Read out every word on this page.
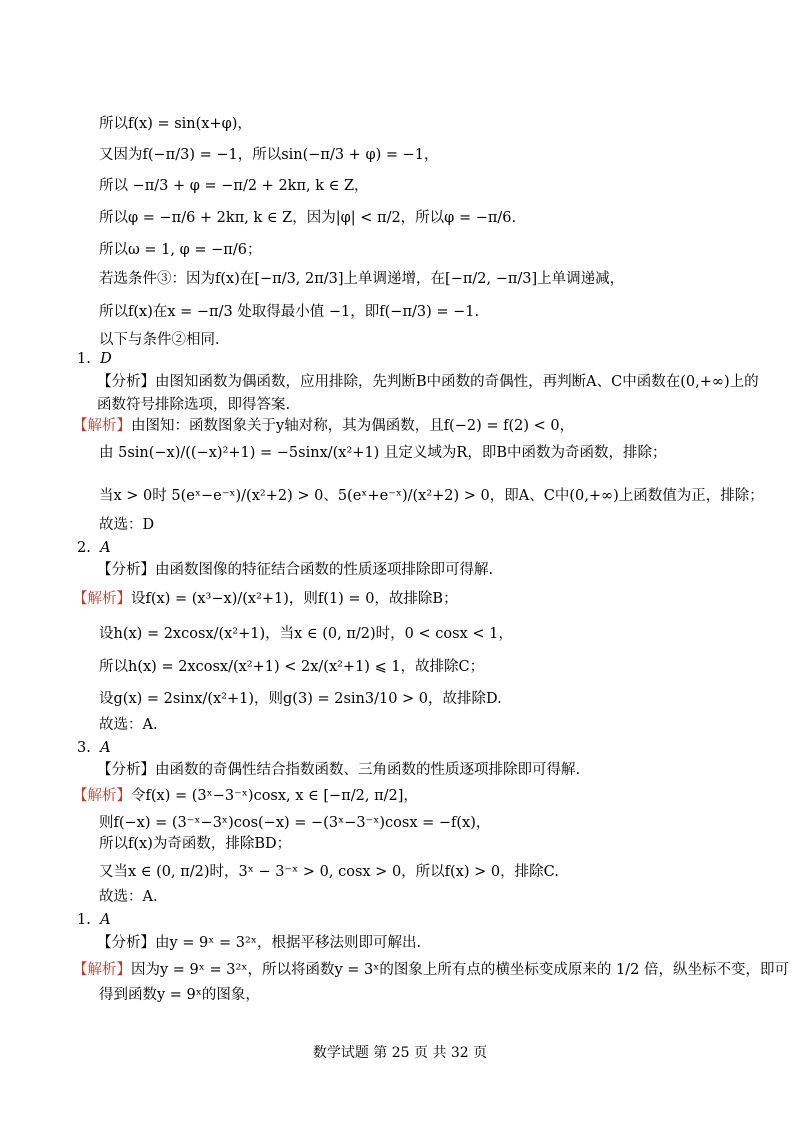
所以f(x) = sin(x+φ)，
又因为f(−π/3) = −1，所以sin(−π/3 + φ) = −1，
所以 −π/3 + φ = −π/2 + 2kπ, k ∈ Z，
所以φ = −π/6 + 2kπ, k ∈ Z，因为|φ| < π/2，所以φ = −π/6.
所以ω = 1, φ = −π/6；
若选条件③：因为f(x)在[−π/3, 2π/3]上单调递增，在[−π/2, −π/3]上单调递减，
所以f(x)在x = −π/3 处取得最小值 −1，即f(−π/3) = −1.
以下与条件②相同.
1. D
【分析】由图知函数为偶函数，应用排除，先判断B中函数的奇偶性，再判断A、C中函数在(0,+∞)上的
函数符号排除选项，即得答案.
【解析】由图知：函数图象关于y轴对称，其为偶函数，且f(−2) = f(2) < 0，
由 5sin(−x)/((−x)²+1) = −5sinx/(x²+1) 且定义域为R，即B中函数为奇函数，排除；
当x > 0时 5(eˣ−e⁻ˣ)/(x²+2) > 0、5(eˣ+e⁻ˣ)/(x²+2) > 0，即A、C中(0,+∞)上函数值为正，排除；
故选：D
2. A
【分析】由函数图像的特征结合函数的性质逐项排除即可得解.
【解析】设f(x) = (x³−x)/(x²+1)，则f(1) = 0，故排除B；
设h(x) = 2xcosx/(x²+1)，当x ∈ (0, π/2)时，0 < cosx < 1，
所以h(x) = 2xcosx/(x²+1) < 2x/(x²+1) ⩽ 1，故排除C；
设g(x) = 2sinx/(x²+1)，则g(3) = 2sin3/10 > 0，故排除D.
故选：A.
3. A
【分析】由函数的奇偶性结合指数函数、三角函数的性质逐项排除即可得解.
【解析】令f(x) = (3ˣ−3⁻ˣ)cosx, x ∈ [−π/2, π/2]，
则f(−x) = (3⁻ˣ−3ˣ)cos(−x) = −(3ˣ−3⁻ˣ)cosx = −f(x)，
所以f(x)为奇函数，排除BD；
又当x ∈ (0, π/2)时，3ˣ − 3⁻ˣ > 0, cosx > 0，所以f(x) > 0，排除C.
故选：A.
1. A
【分析】由y = 9ˣ = 3²ˣ，根据平移法则即可解出.
【解析】因为y = 9ˣ = 3²ˣ，所以将函数y = 3ˣ的图象上所有点的横坐标变成原来的 1/2 倍，纵坐标不变，即可
得到函数y = 9ˣ的图象，
数学试题 第 25 页 共 32 页
